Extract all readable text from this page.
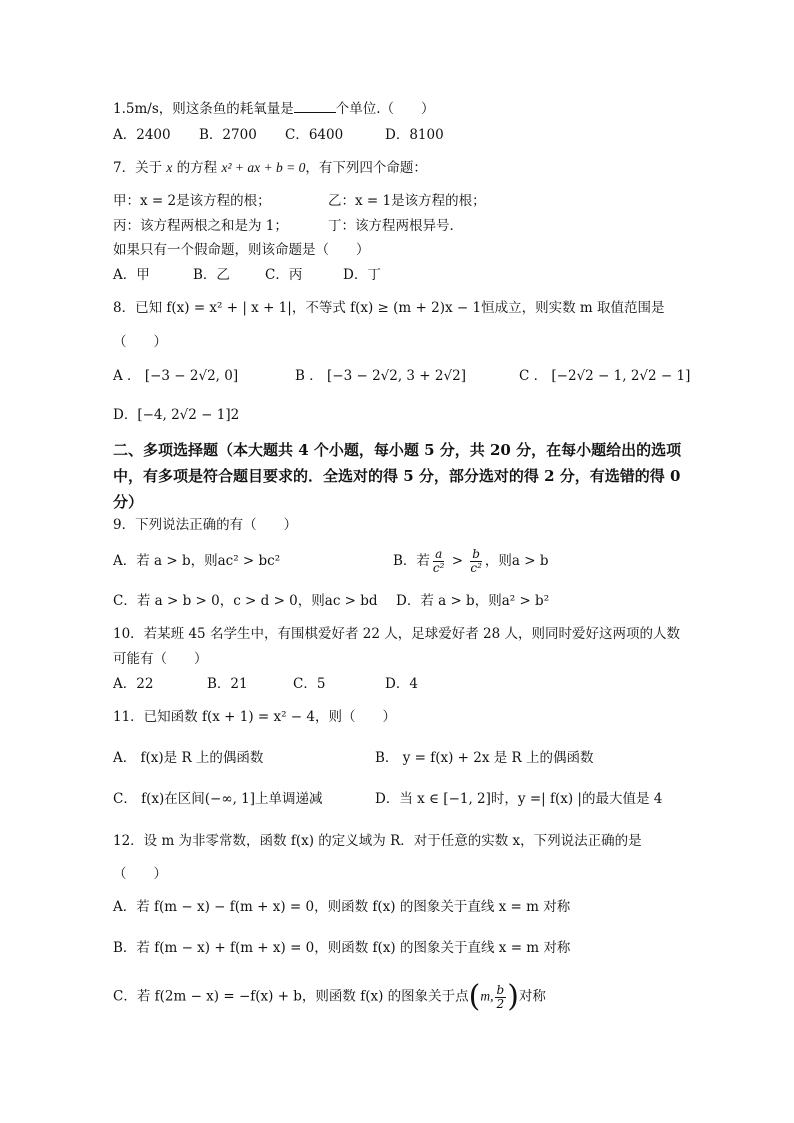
1.5m/s，则这条鱼的耗氧量是	个单位.（　　）
A．2400 B．2700 C．6400	D．8100
7．关于 x 的方程 x² + ax + b = 0，有下列四个命题：
甲：x = 2是该方程的根；	乙：x = 1是该方程的根；
丙：该方程两根之和是为 1；	丁：该方程两根异号．
如果只有一个假命题，则该命题是（　　）
A．甲	B．乙	C．丙	D．丁
8．已知 f(x) = x² + | x + 1|，不等式 f(x) ≥ (m + 2)x − 1恒成立，则实数 m 取值范围是
（　　）
A ． [−3 − 2√2, 0]	B ． [−3 − 2√2, 3 + 2√2]	C ． [−2√2 − 1, 2√2 − 1]
D．[−4, 2√2 − 1]2
二、多项选择题（本大题共 4 个小题，每小题 5 分，共 20 分，在每小题给出的选项中，有多项是符合题目要求的．全选对的得 5 分，部分选对的得 2 分，有选错的得 0 分）
9．下列说法正确的有（　　）
A．若 a > b，则ac² > bc²	B．若 $\frac{a}{\text{c²}} > \frac{b}{\text{c²}}$ ，则a > b
C．若 a > b > 0，c > d > 0，则ac > bd D．若 a > b，则a² > b²
10．若某班 45 名学生中，有围棋爱好者 22 人，足球爱好者 28 人，则同时爱好这两项的人数
可能有（　　）
A．22	B．21	C．5	D．4
11．已知函数 f(x + 1) = x² − 4，则（　　）
A． f(x)是 R 上的偶函数	B． y = f(x) + 2x 是 R 上的偶函数
C． f(x)在区间(−∞, 1]上单调递减	D．当 x ∈ [−1, 2]时，y =| f(x) |的最大值是 4
12．设 m 为非零常数，函数 f(x) 的定义域为 R．对于任意的实数 x，下列说法正确的是
（　　）
A．若 f(m − x) − f(m + x) = 0，则函数 f(x) 的图象关于直线 x = m 对称
B．若 f(m − x) + f(m + x) = 0，则函数 f(x) 的图象关于直线 x = m 对称
C．若 f(2m − x) = −f(x) + b，则函数 f(x) 的图象关于点(m, $\frac{b}{2}$ )对称
